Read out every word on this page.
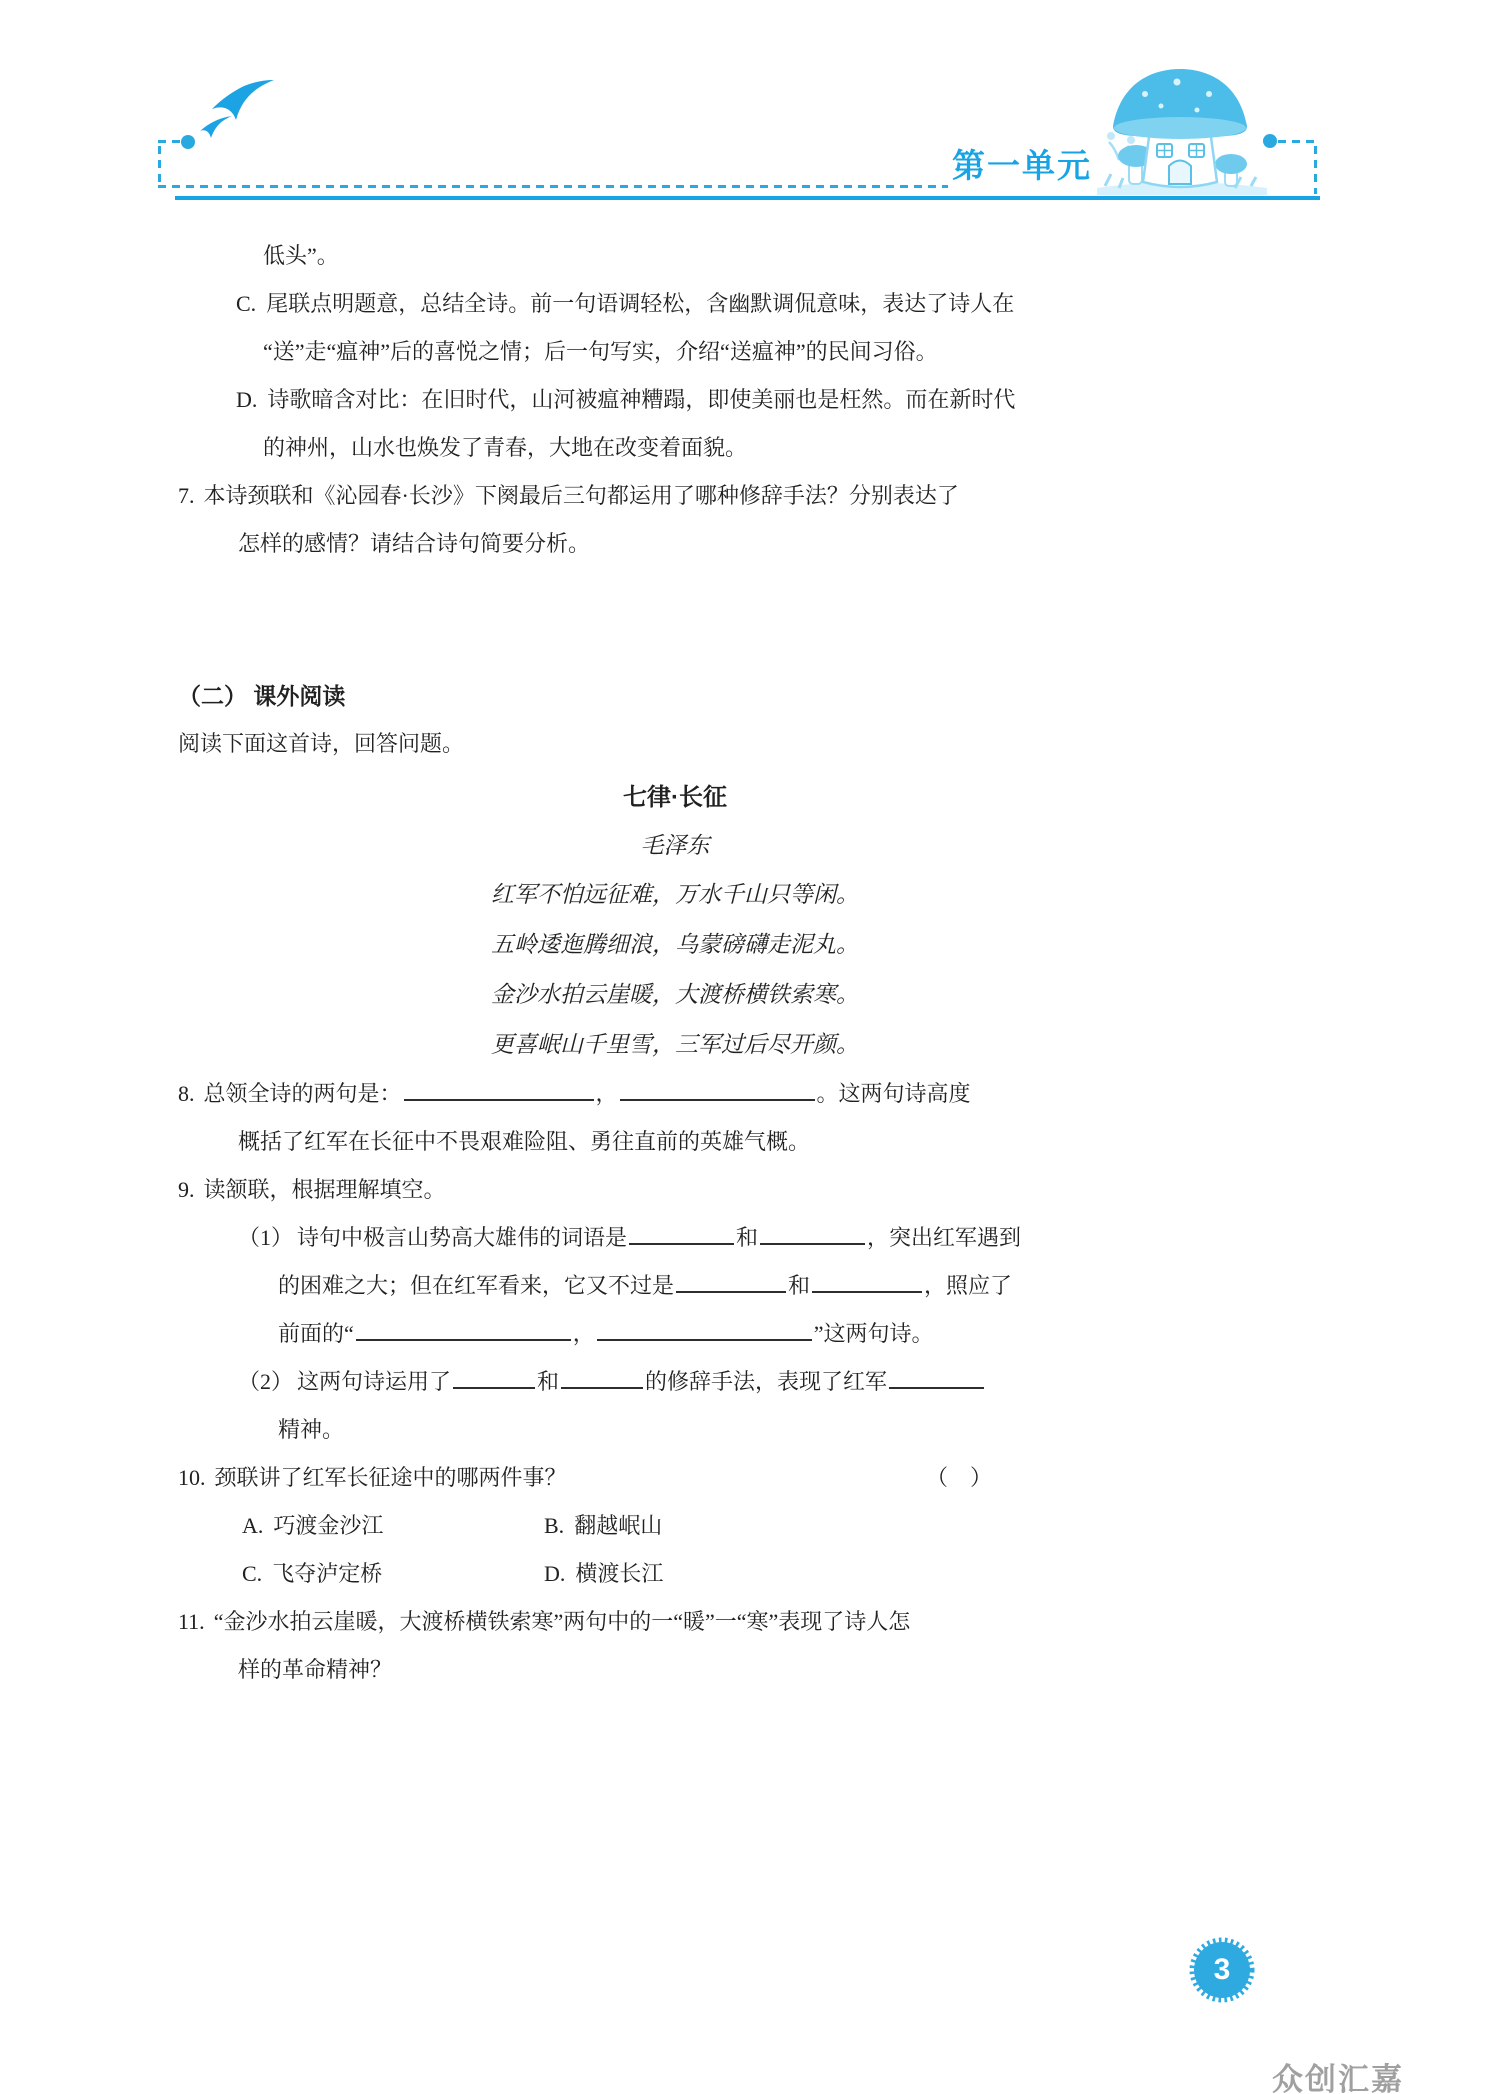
第一单元
低头”。
C. 尾联点明题意，总结全诗。前一句语调轻松，含幽默调侃意味，表达了诗人在
“送”走“瘟神”后的喜悦之情；后一句写实，介绍“送瘟神”的民间习俗。
D. 诗歌暗含对比：在旧时代，山河被瘟神糟蹋，即使美丽也是枉然。而在新时代
的神州，山水也焕发了青春，大地在改变着面貌。
7. 本诗颈联和《沁园春·长沙》下阕最后三句都运用了哪种修辞手法？分别表达了
怎样的感情？请结合诗句简要分析。
（二） 课外阅读
阅读下面这首诗，回答问题。
七律·长征
毛泽东
红军不怕远征难，万水千山只等闲。
五岭逶迤腾细浪，乌蒙磅礴走泥丸。
金沙水拍云崖暖，大渡桥横铁索寒。
更喜岷山千里雪，三军过后尽开颜。
8. 总领全诗的两句是：	，	。这两句诗高度
概括了红军在长征中不畏艰难险阻、勇往直前的英雄气概。
9. 读颔联，根据理解填空。
（1） 诗句中极言山势高大雄伟的词语是	和	，突出红军遇到
的困难之大；但在红军看来，它又不过是	和	，照应了
前面的“	，	”这两句诗。
（2） 这两句诗运用了	和	的修辞手法，表现了红军
精神。
10. 颈联讲了红军长征途中的哪两件事？	（　）
A. 巧渡金沙江	B. 翻越岷山
C. 飞夺泸定桥	D. 横渡长江
11. “金沙水拍云崖暖，大渡桥横铁索寒”两句中的一“暖”一“寒”表现了诗人怎
样的革命精神？
3
众创汇嘉
